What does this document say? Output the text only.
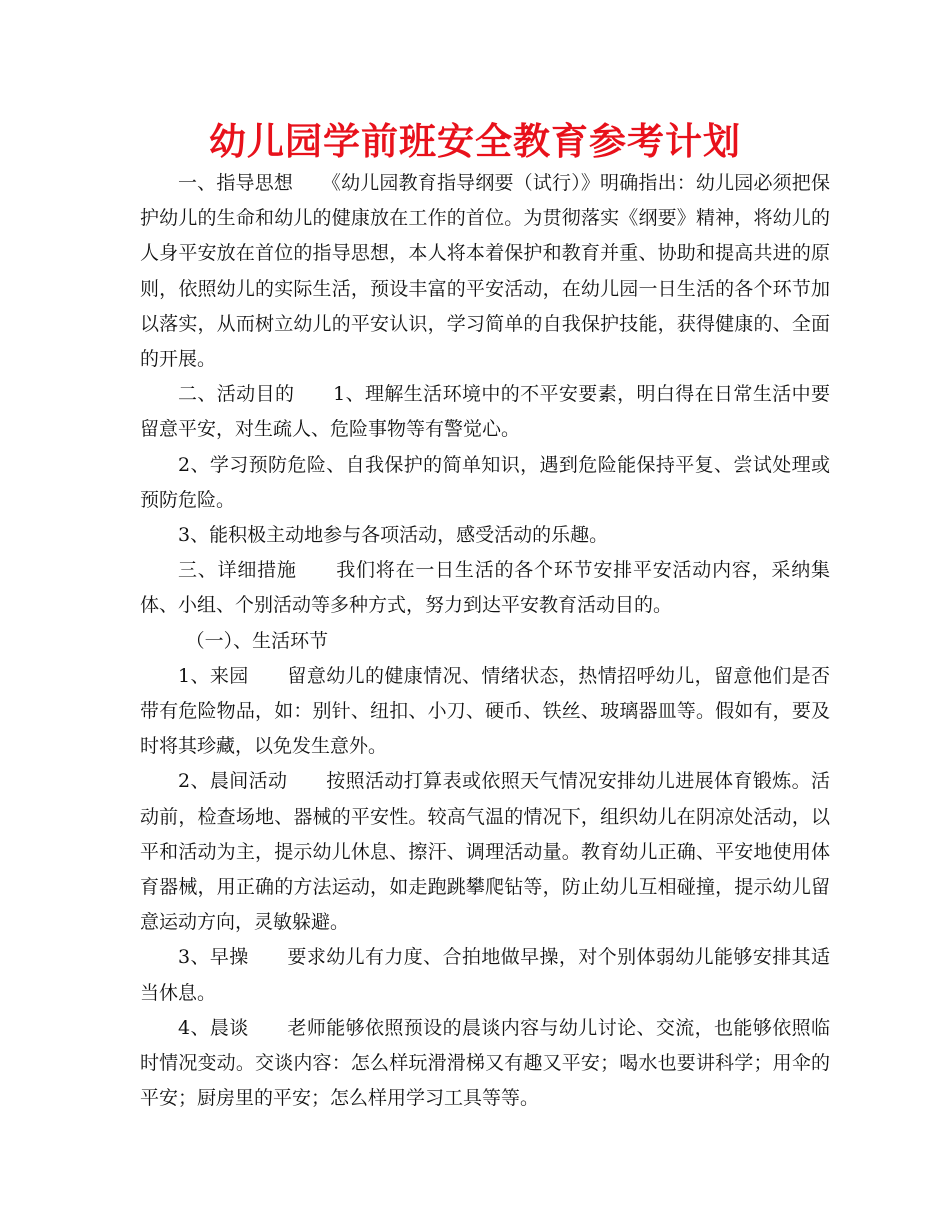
幼儿园学前班安全教育参考计划

一、指导思想　　《幼儿园教育指导纲要（试行）》明确指出：幼儿园必须把保护幼儿的生命和幼儿的健康放在工作的首位。为贯彻落实《纲要》精神，将幼儿的人身平安放在首位的指导思想，本人将本着保护和教育并重、协助和提高共进的原则，依照幼儿的实际生活，预设丰富的平安活动，在幼儿园一日生活的各个环节加以落实，从而树立幼儿的平安认识，学习简单的自我保护技能，获得健康的、全面的开展。

二、活动目的　　1、理解生活环境中的不平安要素，明白得在日常生活中要留意平安，对生疏人、危险事物等有警觉心。

2、学习预防危险、自我保护的简单知识，遇到危险能保持平复、尝试处理或预防危险。

3、能积极主动地参与各项活动，感受活动的乐趣。

三、详细措施　　我们将在一日生活的各个环节安排平安活动内容，采纳集体、小组、个别活动等多种方式，努力到达平安教育活动目的。

（一）、生活环节

1、来园　　留意幼儿的健康情况、情绪状态，热情招呼幼儿，留意他们是否带有危险物品，如：别针、纽扣、小刀、硬币、铁丝、玻璃器皿等。假如有，要及时将其珍藏，以免发生意外。

2、晨间活动　　按照活动打算表或依照天气情况安排幼儿进展体育锻炼。活动前，检查场地、器械的平安性。较高气温的情况下，组织幼儿在阴凉处活动，以平和活动为主，提示幼儿休息、擦汗、调理活动量。教育幼儿正确、平安地使用体育器械，用正确的方法运动，如走跑跳攀爬钻等，防止幼儿互相碰撞，提示幼儿留意运动方向，灵敏躲避。

3、早操　　要求幼儿有力度、合拍地做早操，对个别体弱幼儿能够安排其适当休息。

4、晨谈　　老师能够依照预设的晨谈内容与幼儿讨论、交流，也能够依照临时情况变动。交谈内容：怎么样玩滑滑梯又有趣又平安；喝水也要讲科学；用伞的平安；厨房里的平安；怎么样用学习工具等等。
